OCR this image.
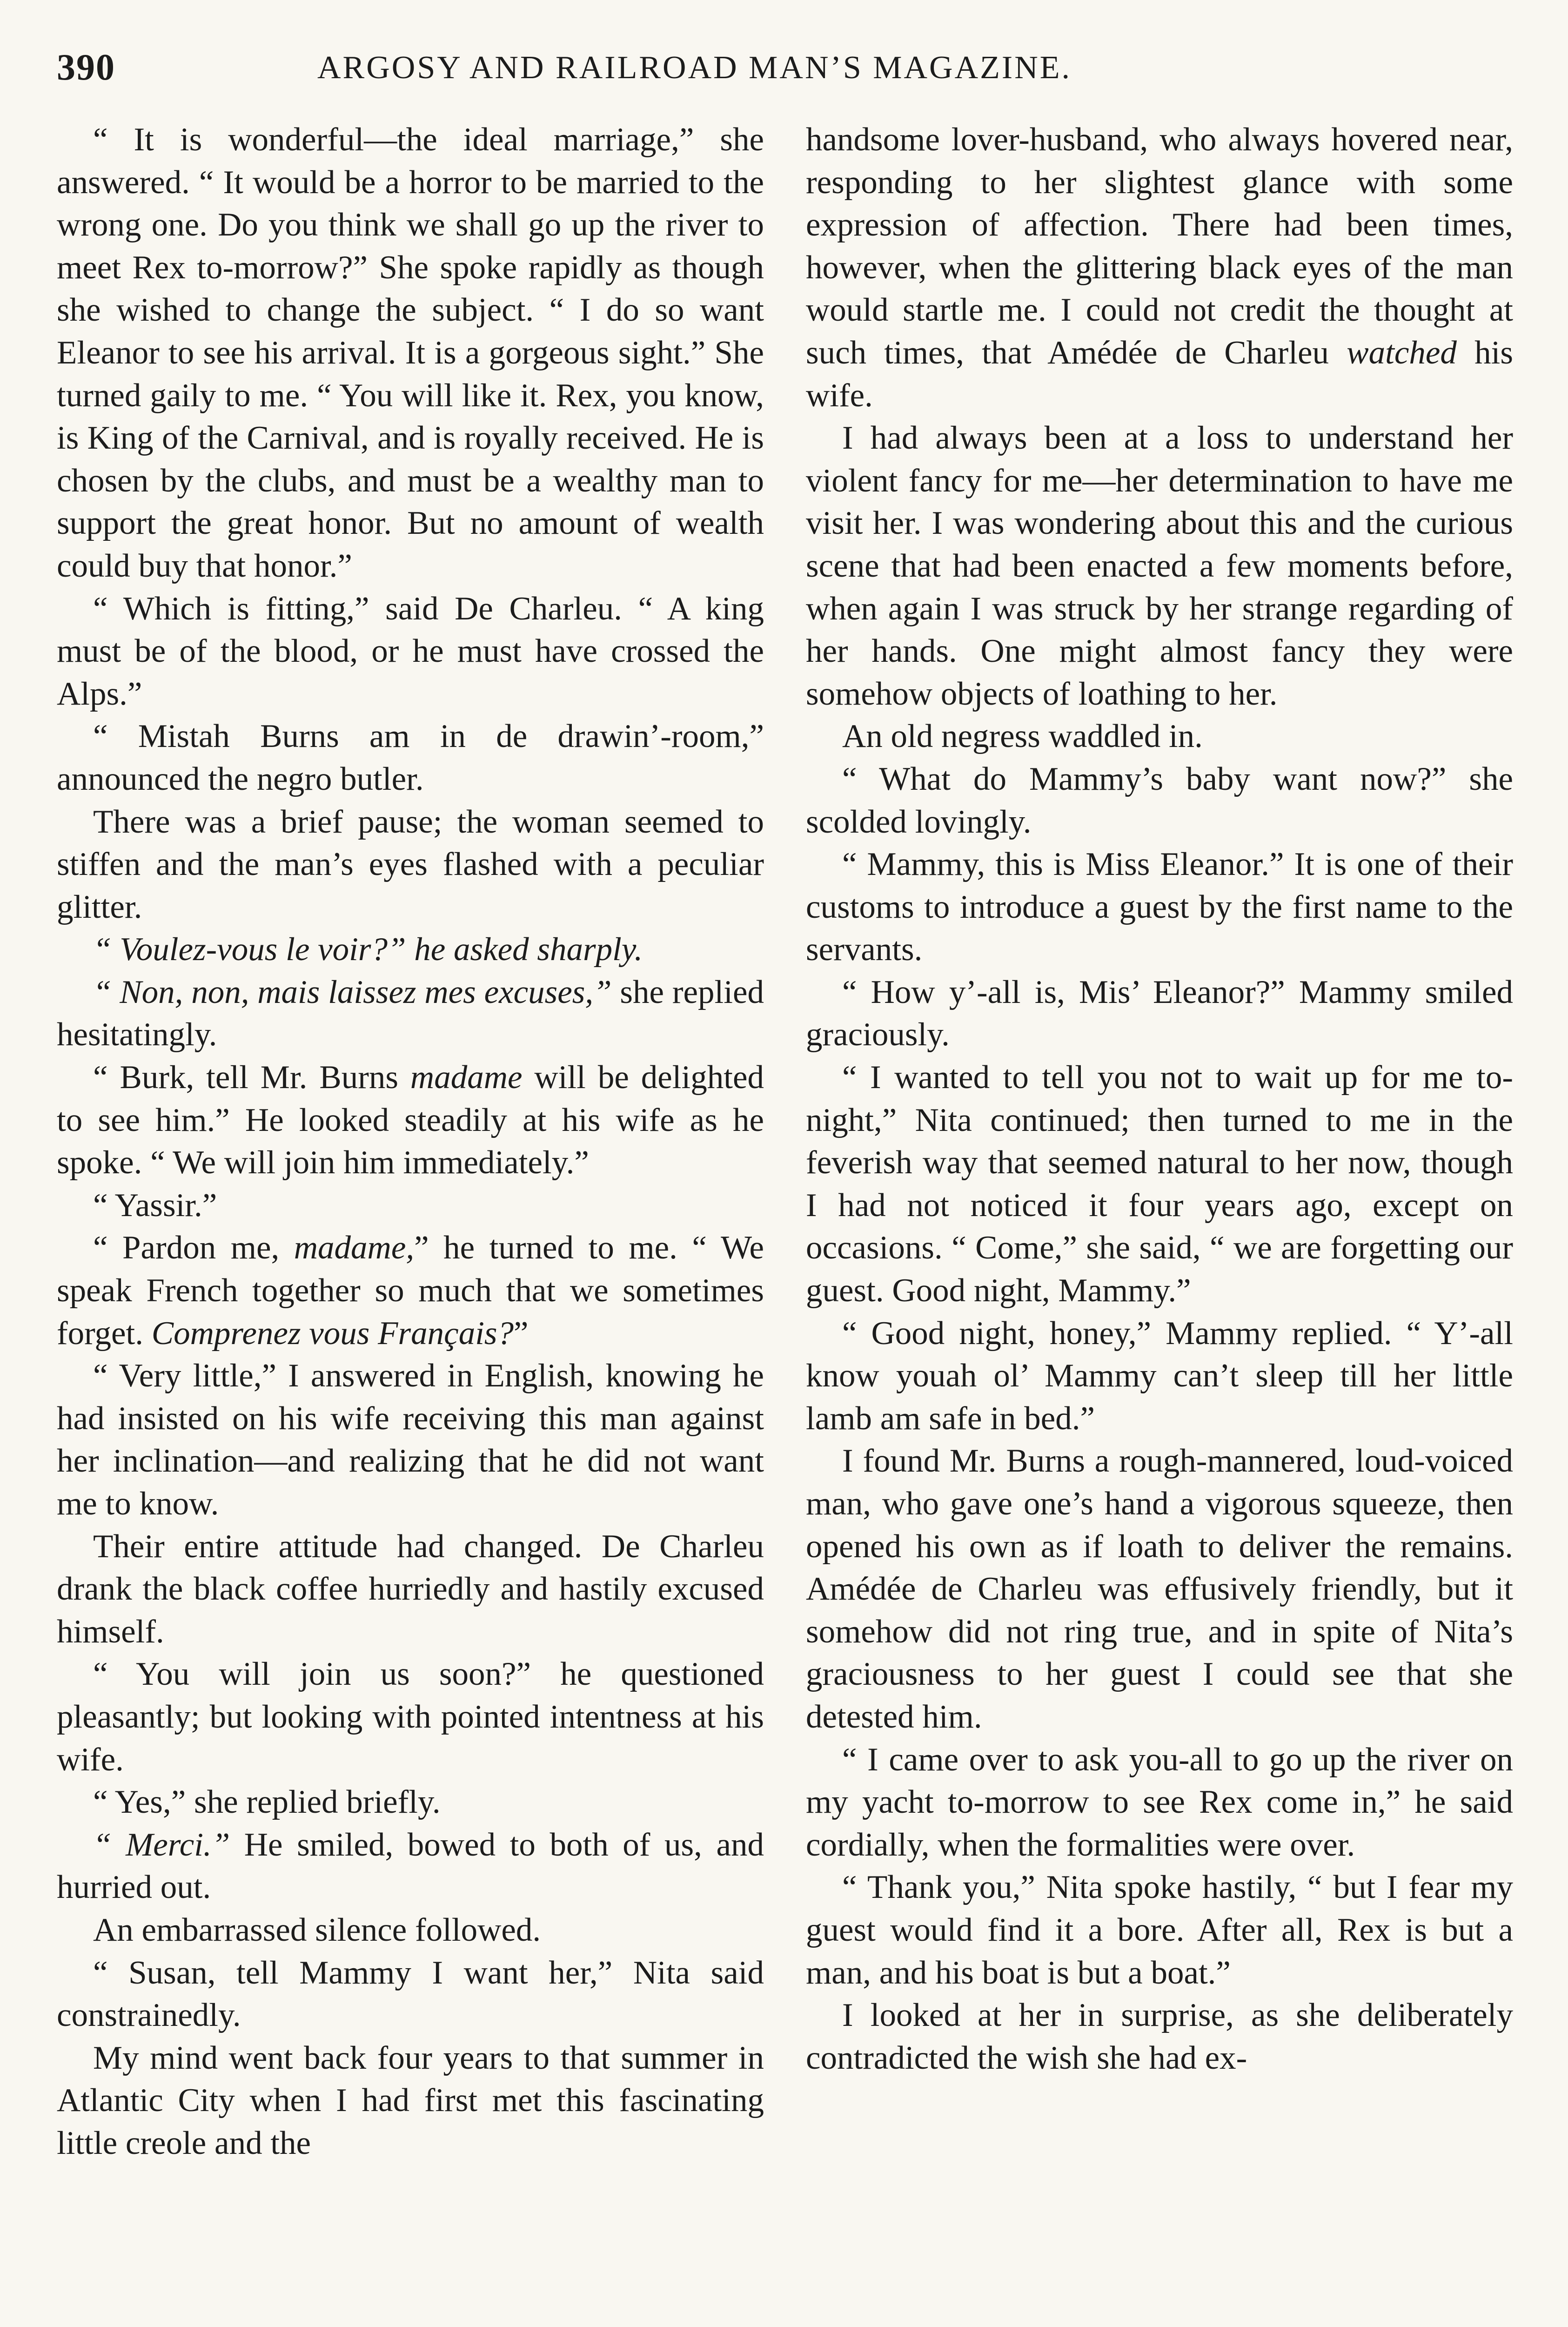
390	ARGOSY AND RAILROAD MAN’S MAGAZINE.

“ It is wonderful—the ideal marriage,” she answered. “ It would be a horror to be married to the wrong one. Do you think we shall go up the river to meet Rex to-morrow?” She spoke rapidly as though she wished to change the subject. “ I do so want Eleanor to see his arrival. It is a gorgeous sight.” She turned gaily to me. “ You will like it. Rex, you know, is King of the Carnival, and is royally received. He is chosen by the clubs, and must be a wealthy man to support the great honor. But no amount of wealth could buy that honor.”

“ Which is fitting,” said De Charleu. “ A king must be of the blood, or he must have crossed the Alps.”

“ Mistah Burns am in de drawin’-room,” announced the negro butler.

There was a brief pause; the woman seemed to stiffen and the man’s eyes flashed with a peculiar glitter.

“ Voulez-vous le voir?” he asked sharply.

“ Non, non, mais laissez mes excuses,” she replied hesitatingly.

“ Burk, tell Mr. Burns madame will be delighted to see him.” He looked steadily at his wife as he spoke. “ We will join him immediately.”

“ Yassir.”

“ Pardon me, madame,” he turned to me. “ We speak French together so much that we sometimes forget. Comprenez vous Français?”

“ Very little,” I answered in English, knowing he had insisted on his wife receiving this man against her inclination—and realizing that he did not want me to know.

Their entire attitude had changed. De Charleu drank the black coffee hurriedly and hastily excused himself.

“ You will join us soon?” he questioned pleasantly; but looking with pointed intentness at his wife.

“ Yes,” she replied briefly.

“ Merci.” He smiled, bowed to both of us, and hurried out.

An embarrassed silence followed.

“ Susan, tell Mammy I want her,” Nita said constrainedly.

My mind went back four years to that summer in Atlantic City when I had first met this fascinating little creole and the

handsome lover-husband, who always hovered near, responding to her slightest glance with some expression of affection. There had been times, however, when the glittering black eyes of the man would startle me. I could not credit the thought at such times, that Amédée de Charleu watched his wife.

I had always been at a loss to understand her violent fancy for me—her determination to have me visit her. I was wondering about this and the curious scene that had been enacted a few moments before, when again I was struck by her strange regarding of her hands. One might almost fancy they were somehow objects of loathing to her.

An old negress waddled in.

“ What do Mammy’s baby want now?” she scolded lovingly.

“ Mammy, this is Miss Eleanor.” It is one of their customs to introduce a guest by the first name to the servants.

“ How y’-all is, Mis’ Eleanor?” Mammy smiled graciously.

“ I wanted to tell you not to wait up for me to-night,” Nita continued; then turned to me in the feverish way that seemed natural to her now, though I had not noticed it four years ago, except on occasions. “ Come,” she said, “ we are forgetting our guest. Good night, Mammy.”

“ Good night, honey,” Mammy replied. “ Y’-all know youah ol’ Mammy can’t sleep till her little lamb am safe in bed.”

I found Mr. Burns a rough-mannered, loud-voiced man, who gave one’s hand a vigorous squeeze, then opened his own as if loath to deliver the remains. Amédée de Charleu was effusively friendly, but it somehow did not ring true, and in spite of Nita’s graciousness to her guest I could see that she detested him.

“ I came over to ask you-all to go up the river on my yacht to-morrow to see Rex come in,” he said cordially, when the formalities were over.

“ Thank you,” Nita spoke hastily, “ but I fear my guest would find it a bore. After all, Rex is but a man, and his boat is but a boat.”

I looked at her in surprise, as she deliberately contradicted the wish she had ex-
